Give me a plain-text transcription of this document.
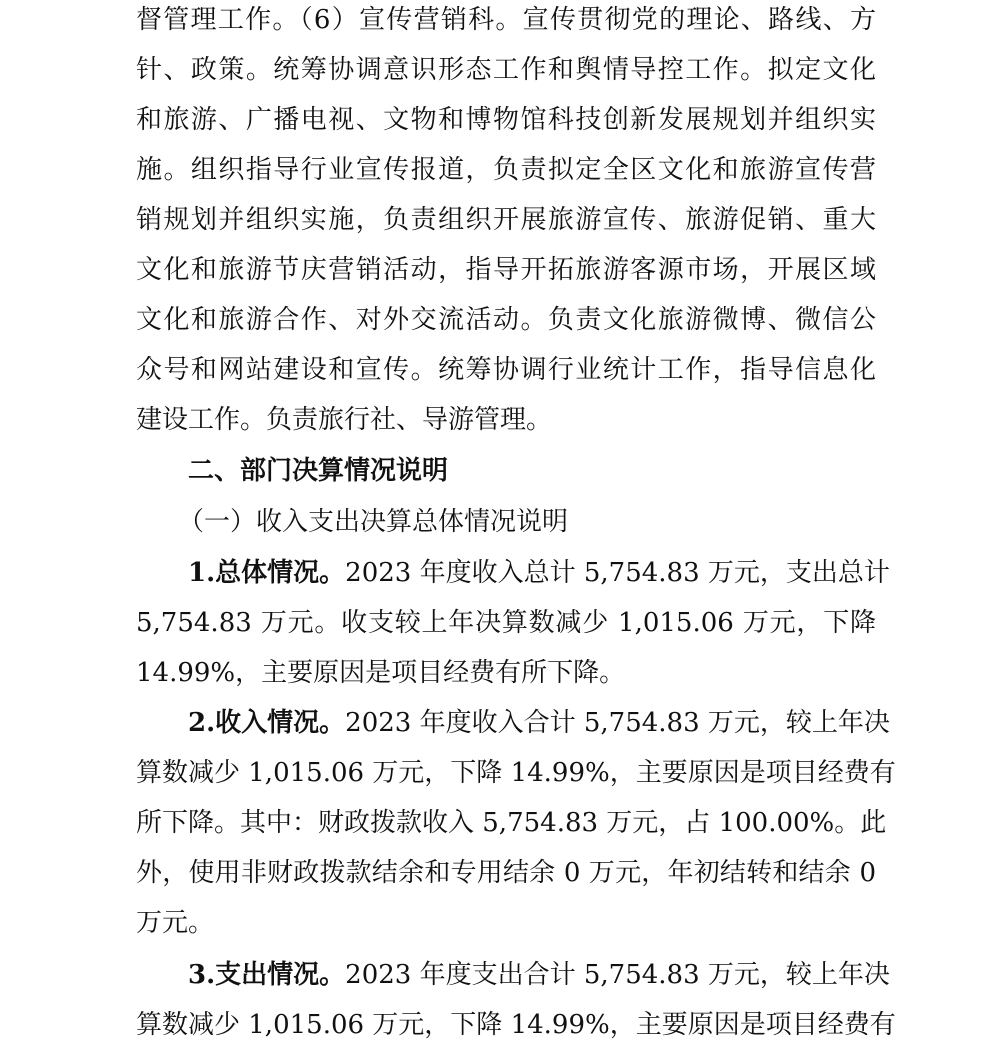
督管理工作。（6）宣传营销科。宣传贯彻党的理论、路线、方
针、政策。统筹协调意识形态工作和舆情导控工作。拟定文化
和旅游、广播电视、文物和博物馆科技创新发展规划并组织实
施。组织指导行业宣传报道，负责拟定全区文化和旅游宣传营
销规划并组织实施，负责组织开展旅游宣传、旅游促销、重大
文化和旅游节庆营销活动，指导开拓旅游客源市场，开展区域
文化和旅游合作、对外交流活动。负责文化旅游微博、微信公
众号和网站建设和宣传。统筹协调行业统计工作，指导信息化
建设工作。负责旅行社、导游管理。
二、部门决算情况说明
（一）收入支出决算总体情况说明
1.总体情况。2023 年度收入总计 5,754.83 万元，支出总计
5,754.83 万元。收支较上年决算数减少 1,015.06 万元，下降
14.99%，主要原因是项目经费有所下降。
2.收入情况。2023 年度收入合计 5,754.83 万元，较上年决
算数减少 1,015.06 万元，下降 14.99%，主要原因是项目经费有
所下降。其中：财政拨款收入 5,754.83 万元，占 100.00%。此
外，使用非财政拨款结余和专用结余 0 万元，年初结转和结余 0
万元。
3.支出情况。2023 年度支出合计 5,754.83 万元，较上年决
算数减少 1,015.06 万元，下降 14.99%，主要原因是项目经费有
